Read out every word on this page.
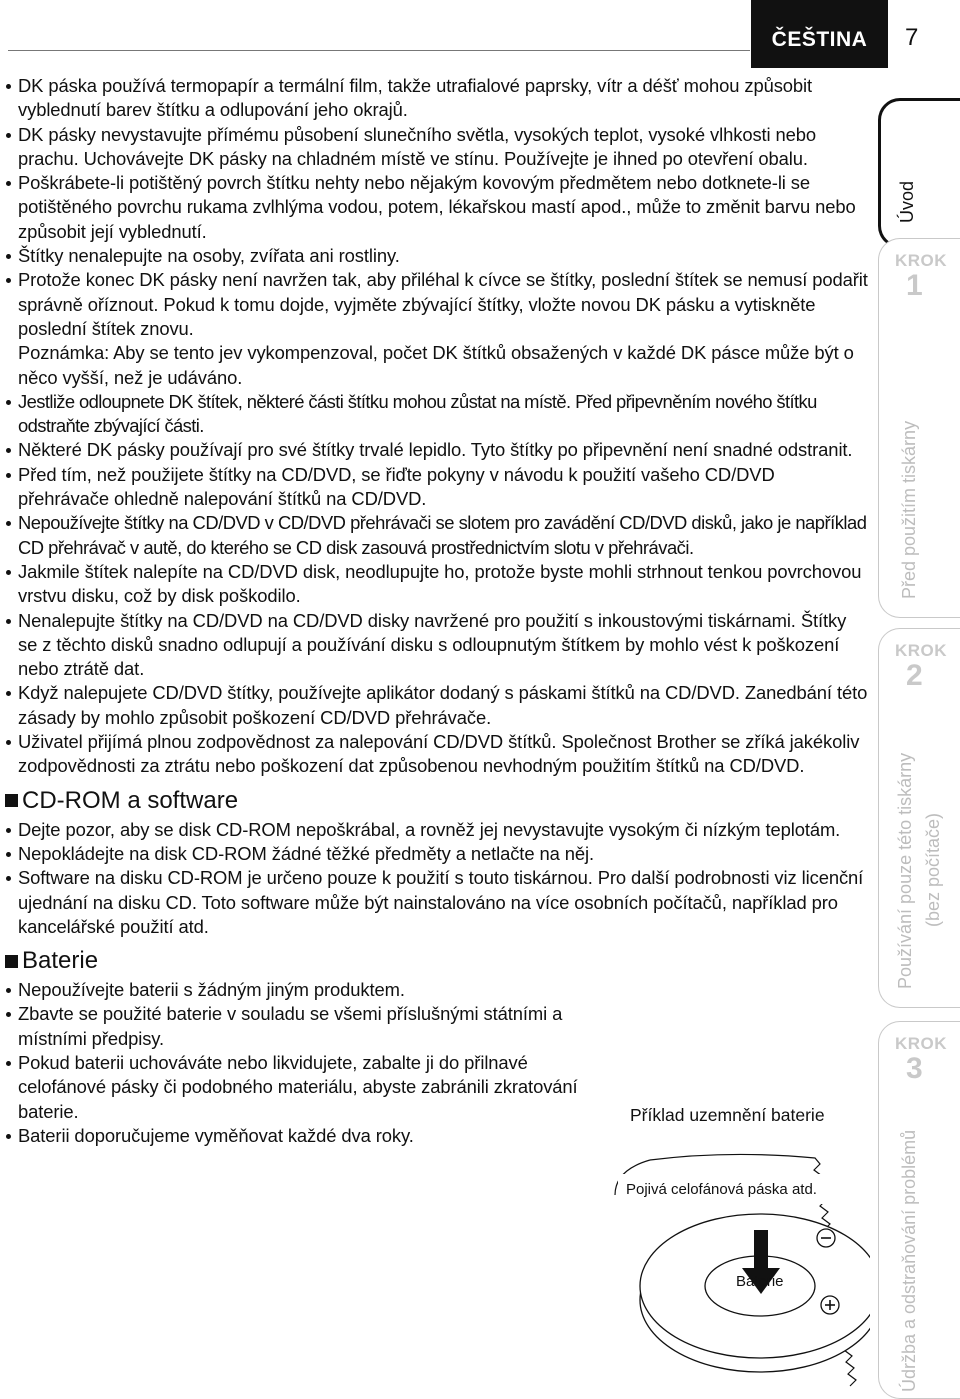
ČEŠTINA	7
DK páska používá termopapír a termální film, takže utrafialové paprsky, vítr a déšť mohou způsobit vyblednutí barev štítku a odlupování jeho okrajů.
DK pásky nevystavujte přímému působení slunečního světla, vysokých teplot, vysoké vlhkosti nebo prachu. Uchovávejte DK pásky na chladném místě ve stínu. Používejte je ihned po otevření obalu.
Poškrábete-li potištěný povrch štítku nehty nebo nějakým kovovým předmětem nebo dotknete-li se potištěného povrchu rukama zvlhlýma vodou, potem, lékařskou mastí apod., může to změnit barvu nebo způsobit její vyblednutí.
Štítky nenalepujte na osoby, zvířata ani rostliny.
Protože konec DK pásky není navržen tak, aby přiléhal k cívce se štítky, poslední štítek se nemusí podařit správně oříznout. Pokud k tomu dojde, vyjměte zbývající štítky, vložte novou DK pásku a vytiskněte poslední štítek znovu.
Poznámka: Aby se tento jev vykompenzoval, počet DK štítků obsažených v každé DK pásce může být o něco vyšší, než je udáváno.
Jestliže odloupnete DK štítek, některé části štítku mohou zůstat na místě. Před připevněním nového štítku odstraňte zbývající části.
Některé DK pásky používají pro své štítky trvalé lepidlo. Tyto štítky po připevnění není snadné odstranit.
Před tím, než použijete štítky na CD/DVD, se řiďte pokyny v návodu k použití vašeho CD/DVD přehrávače ohledně nalepování štítků na CD/DVD.
Nepoužívejte štítky na CD/DVD v CD/DVD přehrávači se slotem pro zavádění CD/DVD disků, jako je například CD přehrávač v autě, do kterého se CD disk zasouvá prostřednictvím slotu v přehrávači.
Jakmile štítek nalepíte na CD/DVD disk, neodlupujte ho, protože byste mohli strhnout tenkou povrchovou vrstvu disku, což by disk poškodilo.
Nenalepujte štítky na CD/DVD na CD/DVD disky navržené pro použití s inkoustovými tiskárnami. Štítky se z těchto disků snadno odlupují a používání disku s odloupnutým štítkem by mohlo vést k poškození nebo ztrátě dat.
Když nalepujete CD/DVD štítky, používejte aplikátor dodaný s páskami štítků na CD/DVD. Zanedbání této zásady by mohlo způsobit poškození CD/DVD přehrávače.
Uživatel přijímá plnou zodpovědnost za nalepování CD/DVD štítků. Společnost Brother se zříká jakékoliv zodpovědnosti za ztrátu nebo poškození dat způsobenou nevhodným použitím štítků na CD/DVD.
CD-ROM a software
Dejte pozor, aby se disk CD-ROM nepoškrábal, a rovněž jej nevystavujte vysokým či nízkým teplotám.
Nepokládejte na disk CD-ROM žádné těžké předměty a netlačte na něj.
Software na disku CD-ROM je určeno pouze k použití s touto tiskárnou. Pro další podrobnosti viz licenční ujednání na disku CD. Toto software může být nainstalováno na více osobních počítačů, například pro kancelářské použití atd.
Baterie
Nepoužívejte baterii s žádným jiným produktem.
Zbavte se použité baterie v souladu se všemi příslušnými státními a místními předpisy.
Pokud baterii uchováváte nebo likvidujete, zabalte ji do přilnavé celofánové pásky či podobného materiálu, abyste zabránili zkratování baterie.
Baterii doporučujeme vyměňovat každé dva roky.
Příklad uzemnění baterie
Pojivá celofánová páska atd.
Baterie
Úvod
KROK
1
Před použitím tiskárny
KROK
2
Používání pouze této tiskárny (bez počítače)
KROK
3
Údržba a odstraňování problémů
